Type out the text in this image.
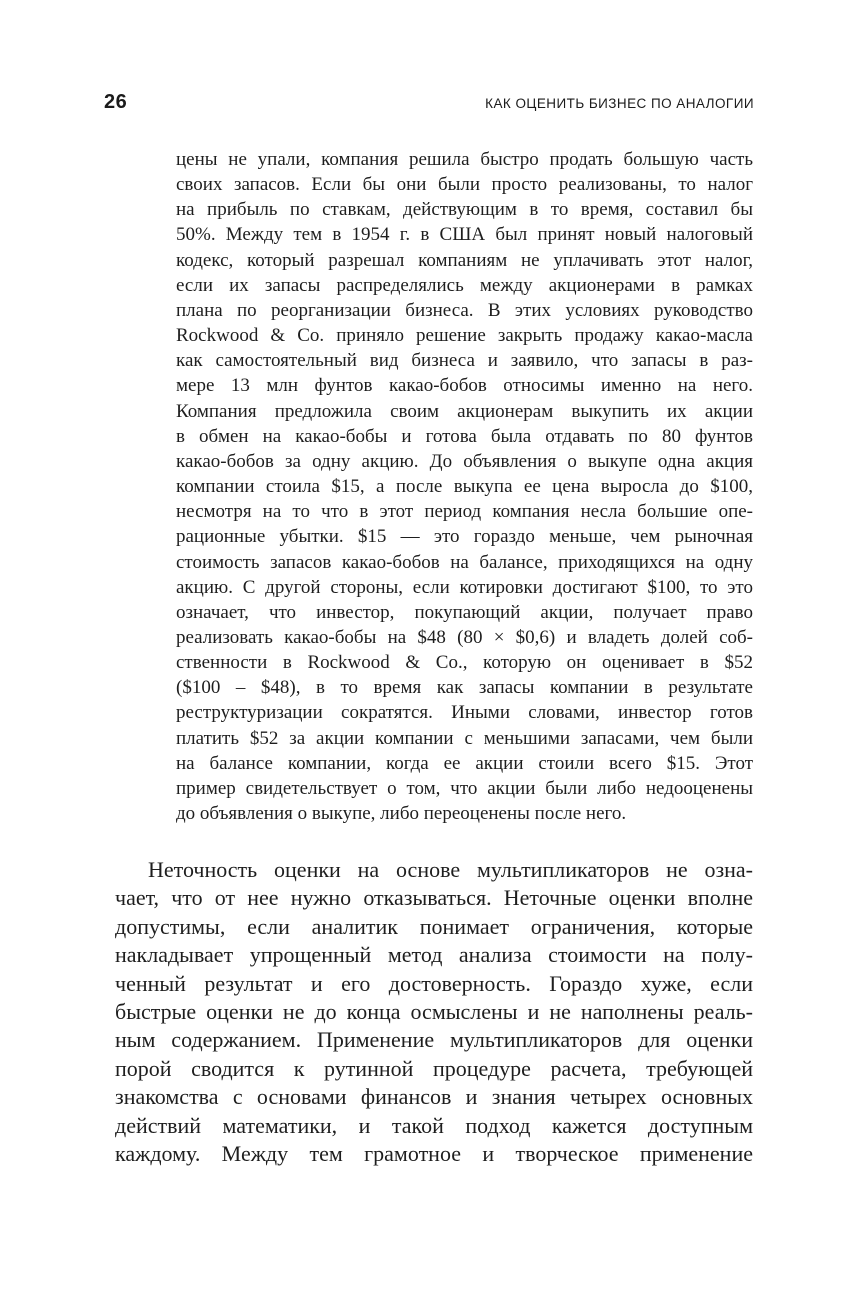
26	КАК ОЦЕНИТЬ БИЗНЕС ПО АНАЛОГИИ
цены не упали, компания решила быстро продать большую часть
своих запасов. Если бы они были просто реализованы, то налог
на прибыль по ставкам, действующим в то время, составил бы
50%. Между тем в 1954 г. в США был принят новый налоговый
кодекс, который разрешал компаниям не уплачивать этот налог,
если их запасы распределялись между акционерами в рамках
плана по реорганизации бизнеса. В этих условиях руководство
Rockwood & Co. приняло решение закрыть продажу какао-масла
как самостоятельный вид бизнеса и заявило, что запасы в раз-
мере 13 млн фунтов какао-бобов относимы именно на него.
Компания предложила своим акционерам выкупить их акции
в обмен на какао-бобы и готова была отдавать по 80 фунтов
какао-бобов за одну акцию. До объявления о выкупе одна акция
компании стоила $15, а после выкупа ее цена выросла до $100,
несмотря на то что в этот период компания несла большие опе-
рационные убытки. $15 — это гораздо меньше, чем рыночная
стоимость запасов какао-бобов на балансе, приходящихся на одну
акцию. С другой стороны, если котировки достигают $100, то это
означает, что инвестор, покупающий акции, получает право
реализовать какао-бобы на $48 (80 × $0,6) и владеть долей соб-
ственности в Rockwood & Co., которую он оценивает в $52
($100 – $48), в то время как запасы компании в результате
реструктуризации сократятся. Иными словами, инвестор готов
платить $52 за акции компании с меньшими запасами, чем были
на балансе компании, когда ее акции стоили всего $15. Этот
пример свидетельствует о том, что акции были либо недооценены
до объявления о выкупе, либо переоценены после него.
Неточность оценки на основе мультипликаторов не озна-
чает, что от нее нужно отказываться. Неточные оценки вполне
допустимы, если аналитик понимает ограничения, которые
накладывает упрощенный метод анализа стоимости на полу-
ченный результат и его достоверность. Гораздо хуже, если
быстрые оценки не до конца осмыслены и не наполнены реаль-
ным содержанием. Применение мультипликаторов для оценки
порой сводится к рутинной процедуре расчета, требующей
знакомства с основами финансов и знания четырех основных
действий математики, и такой подход кажется доступным
каждому. Между тем грамотное и творческое применение
